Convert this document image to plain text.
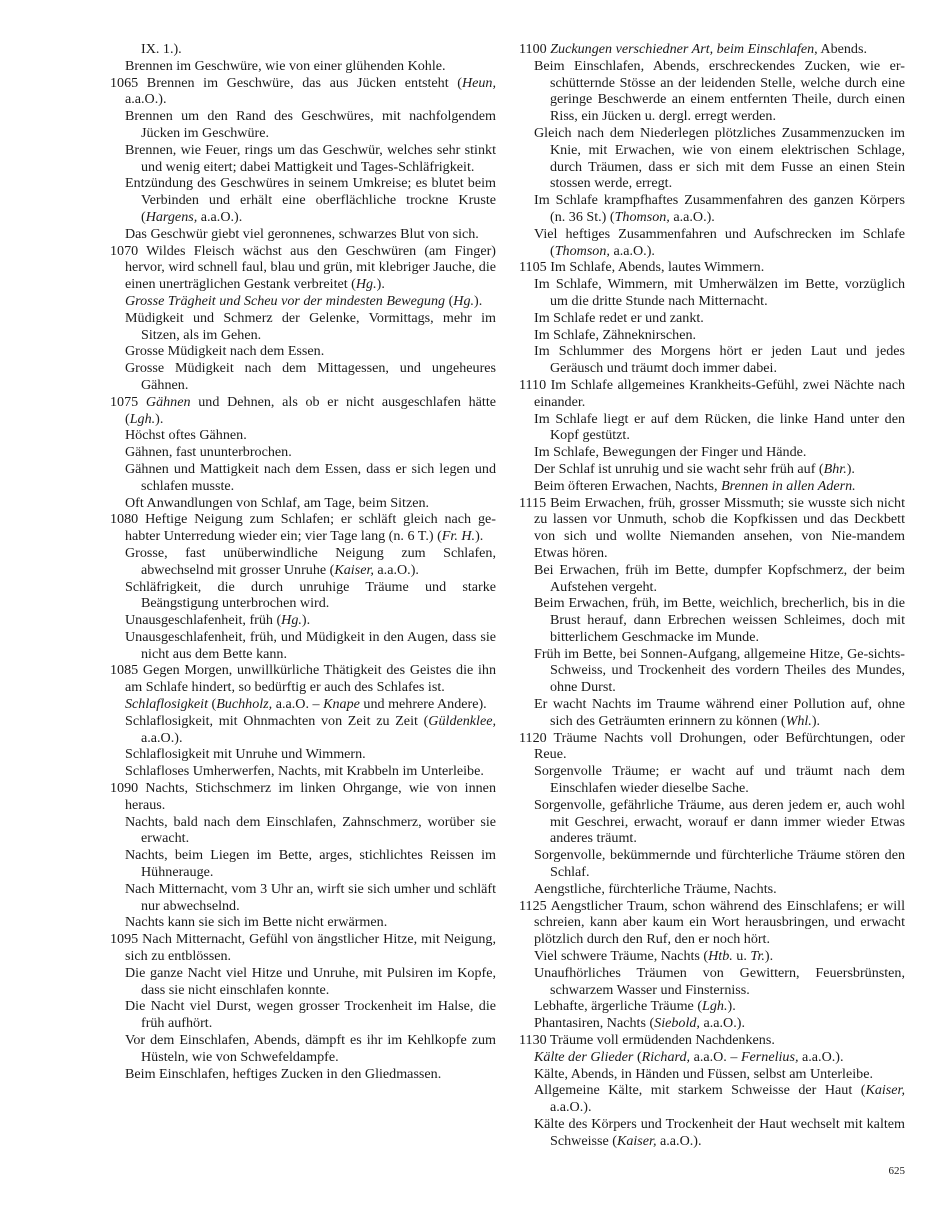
IX. 1.).
Brennen im Geschwüre, wie von einer glühenden Kohle.
1065 Brennen im Geschwüre, das aus Jücken entsteht (Heun, a.a.O.).
Brennen um den Rand des Geschwüres, mit nachfolgendem Jücken im Geschwüre.
Brennen, wie Feuer, rings um das Geschwür, welches sehr stinkt und wenig eitert; dabei Mattigkeit und Tages-Schläfrigkeit.
Entzündung des Geschwüres in seinem Umkreise; es blutet beim Verbinden und erhält eine oberflächliche trockne Kruste (Hargens, a.a.O.).
Das Geschwür giebt viel geronnenes, schwarzes Blut von sich.
1070 Wildes Fleisch wächst aus den Geschwüren (am Finger) hervor, wird schnell faul, blau und grün, mit klebriger Jauche, die einen unerträglichen Gestank verbreitet (Hg.).
Grosse Trägheit und Scheu vor der mindesten Bewegung (Hg.).
Müdigkeit und Schmerz der Gelenke, Vormittags, mehr im Sitzen, als im Gehen.
Grosse Müdigkeit nach dem Essen.
Grosse Müdigkeit nach dem Mittagessen, und ungeheures Gähnen.
1075 Gähnen und Dehnen, als ob er nicht ausgeschlafen hätte (Lgh.).
Höchst oftes Gähnen.
Gähnen, fast ununterbrochen.
Gähnen und Mattigkeit nach dem Essen, dass er sich legen und schlafen musste.
Oft Anwandlungen von Schlaf, am Tage, beim Sitzen.
1080 Heftige Neigung zum Schlafen; er schläft gleich nach ge-habter Unterredung wieder ein; vier Tage lang (n. 6 T.) (Fr. H.).
Grosse, fast unüberwindliche Neigung zum Schlafen, abwechselnd mit grosser Unruhe (Kaiser, a.a.O.).
Schläfrigkeit, die durch unruhige Träume und starke Beängstigung unterbrochen wird.
Unausgeschlafenheit, früh (Hg.).
Unausgeschlafenheit, früh, und Müdigkeit in den Augen, dass sie nicht aus dem Bette kann.
1085 Gegen Morgen, unwillkürliche Thätigkeit des Geistes die ihn am Schlafe hindert, so bedürftig er auch des Schlafes ist.
Schlaflosigkeit (Buchholz, a.a.O. – Knape und mehrere Andere).
Schlaflosigkeit, mit Ohnmachten von Zeit zu Zeit (Güldenklee, a.a.O.).
Schlaflosigkeit mit Unruhe und Wimmern.
Schlafloses Umherwerfen, Nachts, mit Krabbeln im Unterleibe.
1090 Nachts, Stichschmerz im linken Ohrgange, wie von innen heraus.
Nachts, bald nach dem Einschlafen, Zahnschmerz, worüber sie erwacht.
Nachts, beim Liegen im Bette, arges, stichlichtes Reissen im Hühnerauge.
Nach Mitternacht, vom 3 Uhr an, wirft sie sich umher und schläft nur abwechselnd.
Nachts kann sie sich im Bette nicht erwärmen.
1095 Nach Mitternacht, Gefühl von ängstlicher Hitze, mit Neigung, sich zu entblössen.
Die ganze Nacht viel Hitze und Unruhe, mit Pulsiren im Kopfe, dass sie nicht einschlafen konnte.
Die Nacht viel Durst, wegen grosser Trockenheit im Halse, die früh aufhört.
Vor dem Einschlafen, Abends, dämpft es ihr im Kehlkopfe zum Hüsteln, wie von Schwefeldampfe.
Beim Einschlafen, heftiges Zucken in den Gliedmassen.
1100 Zuckungen verschiedner Art, beim Einschlafen, Abends.
Beim Einschlafen, Abends, erschreckendes Zucken, wie er-schütternde Stösse an der leidenden Stelle, welche durch eine geringe Beschwerde an einem entfernten Theile, durch einen Riss, ein Jücken u. dergl. erregt werden.
Gleich nach dem Niederlegen plötzliches Zusammenzucken im Knie, mit Erwachen, wie von einem elektrischen Schlage, durch Träumen, dass er sich mit dem Fusse an einen Stein stossen werde, erregt.
Im Schlafe krampfhaftes Zusammenfahren des ganzen Körpers (n. 36 St.) (Thomson, a.a.O.).
Viel heftiges Zusammenfahren und Aufschrecken im Schlafe (Thomson, a.a.O.).
1105 Im Schlafe, Abends, lautes Wimmern.
Im Schlafe, Wimmern, mit Umherwälzen im Bette, vorzüglich um die dritte Stunde nach Mitternacht.
Im Schlafe redet er und zankt.
Im Schlafe, Zähneknirschen.
Im Schlummer des Morgens hört er jeden Laut und jedes Geräusch und träumt doch immer dabei.
1110 Im Schlafe allgemeines Krankheits-Gefühl, zwei Nächte nach einander.
Im Schlafe liegt er auf dem Rücken, die linke Hand unter den Kopf gestützt.
Im Schlafe, Bewegungen der Finger und Hände.
Der Schlaf ist unruhig und sie wacht sehr früh auf (Bhr.).
Beim öfteren Erwachen, Nachts, Brennen in allen Adern.
1115 Beim Erwachen, früh, grosser Missmuth; sie wusste sich nicht zu lassen vor Unmuth, schob die Kopfkissen und das Deckbett von sich und wollte Niemanden ansehen, von Nie-mandem Etwas hören.
Bei Erwachen, früh im Bette, dumpfer Kopfschmerz, der beim Aufstehen vergeht.
Beim Erwachen, früh, im Bette, weichlich, brecherlich, bis in die Brust herauf, dann Erbrechen weissen Schleimes, doch mit bitterlichem Geschmacke im Munde.
Früh im Bette, bei Sonnen-Aufgang, allgemeine Hitze, Ge-sichts-Schweiss, und Trockenheit des vordern Theiles des Mundes, ohne Durst.
Er wacht Nachts im Traume während einer Pollution auf, ohne sich des Geträumten erinnern zu können (Whl.).
1120 Träume Nachts voll Drohungen, oder Befürchtungen, oder Reue.
Sorgenvolle Träume; er wacht auf und träumt nach dem Einschlafen wieder dieselbe Sache.
Sorgenvolle, gefährliche Träume, aus deren jedem er, auch wohl mit Geschrei, erwacht, worauf er dann immer wieder Etwas anderes träumt.
Sorgenvolle, bekümmernde und fürchterliche Träume stören den Schlaf.
Aengstliche, fürchterliche Träume, Nachts.
1125 Aengstlicher Traum, schon während des Einschlafens; er will schreien, kann aber kaum ein Wort herausbringen, und erwacht plötzlich durch den Ruf, den er noch hört.
Viel schwere Träume, Nachts (Htb. u. Tr.).
Unaufhörliches Träumen von Gewittern, Feuersbrünsten, schwarzem Wasser und Finsterniss.
Lebhafte, ärgerliche Träume (Lgh.).
Phantasiren, Nachts (Siebold, a.a.O.).
1130 Träume voll ermüdenden Nachdenkens.
Kälte der Glieder (Richard, a.a.O. – Fernelius, a.a.O.).
Kälte, Abends, in Händen und Füssen, selbst am Unterleibe.
Allgemeine Kälte, mit starkem Schweisse der Haut (Kaiser, a.a.O.).
Kälte des Körpers und Trockenheit der Haut wechselt mit kaltem Schweisse (Kaiser, a.a.O.).
625
